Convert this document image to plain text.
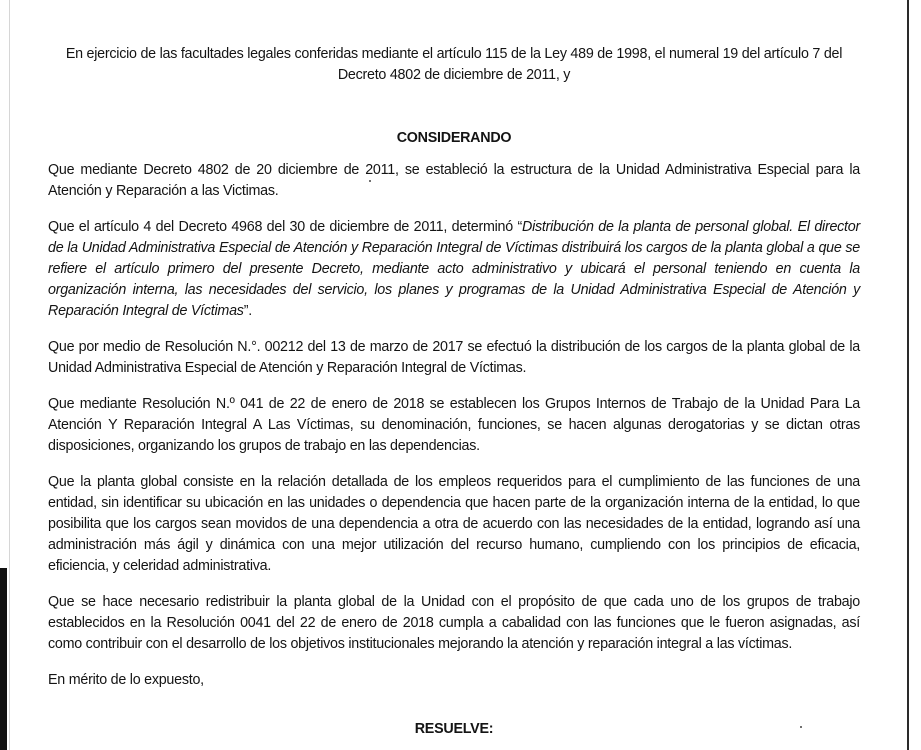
En ejercicio de las facultades legales conferidas mediante el artículo 115 de la Ley 489 de 1998, el numeral 19 del artículo 7 del Decreto 4802 de diciembre de 2011, y

CONSIDERANDO

Que mediante Decreto 4802 de 20 diciembre de 2011, se estableció la estructura de la Unidad Administrativa Especial para la Atención y Reparación a las Victimas.

Que el artículo 4 del Decreto 4968 del 30 de diciembre de 2011, determinó “Distribución de la planta de personal global. El director de la Unidad Administrativa Especial de Atención y Reparación Integral de Víctimas distribuirá los cargos de la planta global a que se refiere el artículo primero del presente Decreto, mediante acto administrativo y ubicará el personal teniendo en cuenta la organización interna, las necesidades del servicio, los planes y programas de la Unidad Administrativa Especial de Atención y Reparación Integral de Víctimas”.

Que por medio de Resolución N.°. 00212 del 13 de marzo de 2017 se efectuó la distribución de los cargos de la planta global de la Unidad Administrativa Especial de Atención y Reparación Integral de Víctimas.

Que mediante Resolución N.º 041 de 22 de enero de 2018 se establecen los Grupos Internos de Trabajo de la Unidad Para La Atención Y Reparación Integral A Las Víctimas, su denominación, funciones, se hacen algunas derogatorias y se dictan otras disposiciones, organizando los grupos de trabajo en las dependencias.

Que la planta global consiste en la relación detallada de los empleos requeridos para el cumplimiento de las funciones de una entidad, sin identificar su ubicación en las unidades o dependencia que hacen parte de la organización interna de la entidad, lo que posibilita que los cargos sean movidos de una dependencia a otra de acuerdo con las necesidades de la entidad, logrando así una administración más ágil y dinámica con una mejor utilización del recurso humano, cumpliendo con los principios de eficacia, eficiencia, y celeridad administrativa.

Que se hace necesario redistribuir la planta global de la Unidad con el propósito de que cada uno de los grupos de trabajo establecidos en la Resolución 0041 del 22 de enero de 2018 cumpla a cabalidad con las funciones que le fueron asignadas, así como contribuir con el desarrollo de los objetivos institucionales mejorando la atención y reparación integral a las víctimas.

En mérito de lo expuesto,

RESUELVE:
